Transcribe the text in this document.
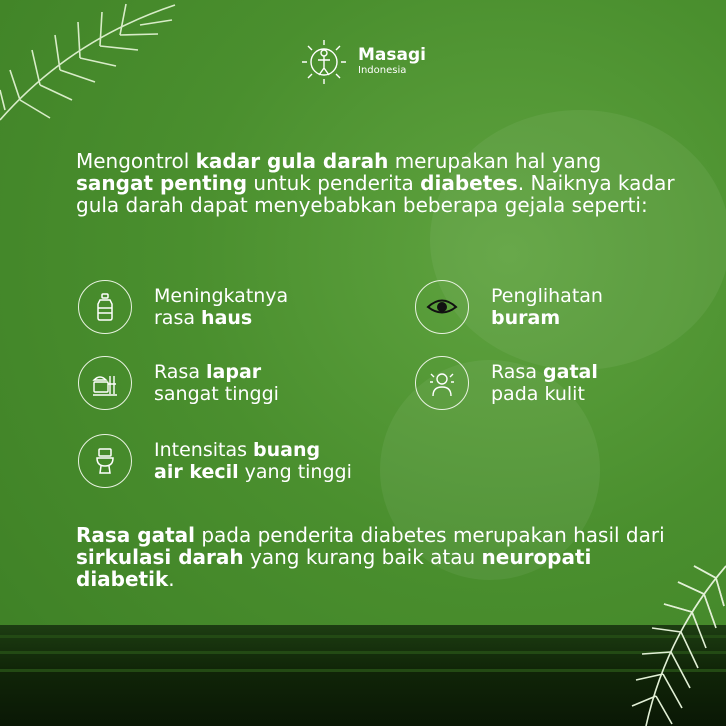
Masagi
Indonesia

Mengontrol kadar gula darah merupakan hal yang sangat penting untuk penderita diabetes. Naiknya kadar gula darah dapat menyebabkan beberapa gejala seperti:

Meningkatnya
rasa haus
Penglihatan
buram
Rasa lapar
sangat tinggi
Rasa gatal
pada kulit
Intensitas buang
air kecil yang tinggi

Rasa gatal pada penderita diabetes merupakan hasil dari sirkulasi darah yang kurang baik atau neuropati diabetik.
